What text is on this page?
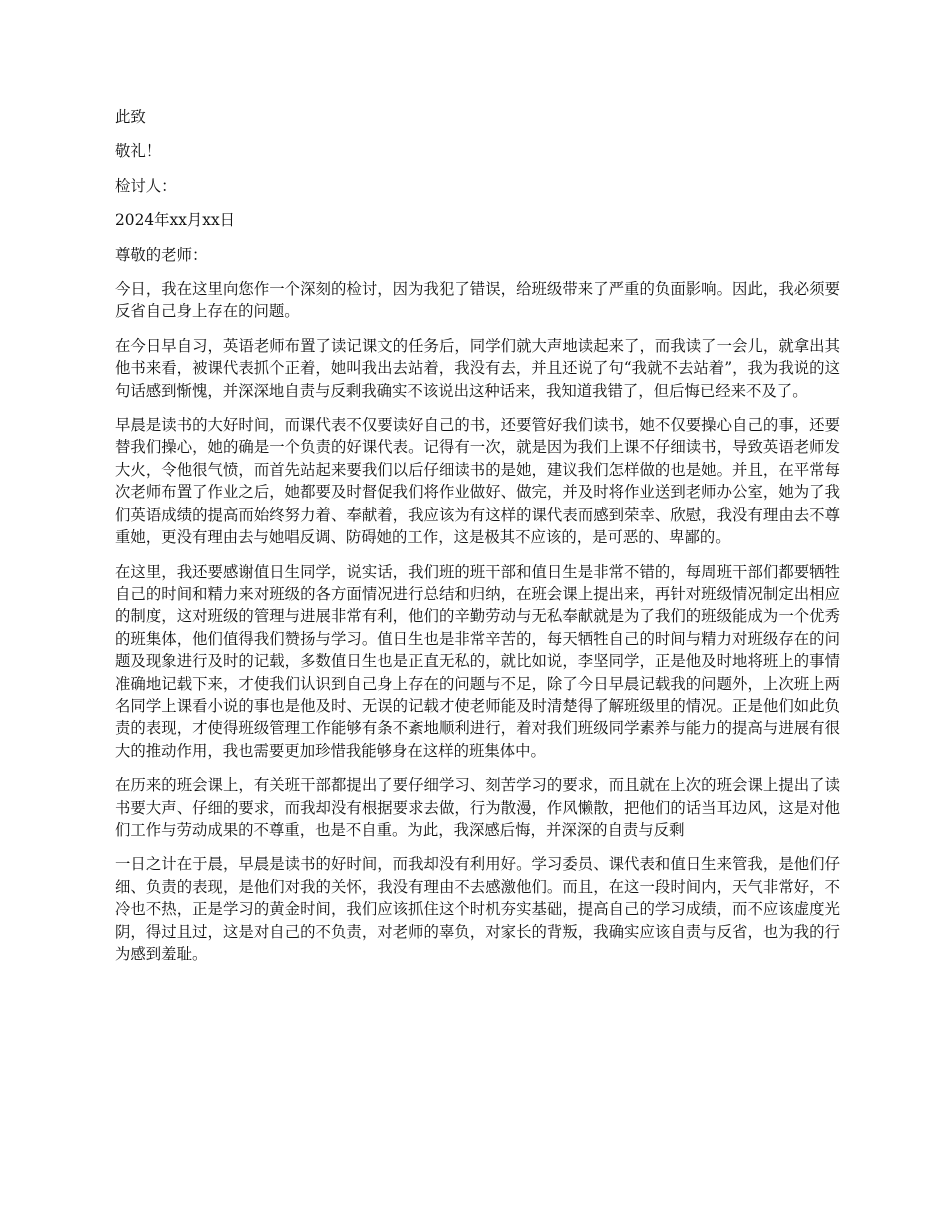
此致

敬礼！

检讨人：

2024年xx月xx日

尊敬的老师：

今日，我在这里向您作一个深刻的检讨，因为我犯了错误，给班级带来了严重的负面影响。因此，我必须要反省自己身上存在的问题。

在今日早自习，英语老师布置了读记课文的任务后，同学们就大声地读起来了，而我读了一会儿，就拿出其他书来看，被课代表抓个正着，她叫我出去站着，我没有去，并且还说了句“我就不去站着”，我为我说的这句话感到惭愧，并深深地自责与反剩我确实不该说出这种话来，我知道我错了，但后悔已经来不及了。

早晨是读书的大好时间，而课代表不仅要读好自己的书，还要管好我们读书，她不仅要操心自己的事，还要替我们操心，她的确是一个负责的好课代表。记得有一次，就是因为我们上课不仔细读书，导致英语老师发大火，令他很气愤，而首先站起来要我们以后仔细读书的是她，建议我们怎样做的也是她。并且，在平常每次老师布置了作业之后，她都要及时督促我们将作业做好、做完，并及时将作业送到老师办公室，她为了我们英语成绩的提高而始终努力着、奉献着，我应该为有这样的课代表而感到荣幸、欣慰，我没有理由去不尊重她，更没有理由去与她唱反调、防碍她的工作，这是极其不应该的，是可恶的、卑鄙的。

在这里，我还要感谢值日生同学，说实话，我们班的班干部和值日生是非常不错的，每周班干部们都要牺牲自己的时间和精力来对班级的各方面情况进行总结和归纳，在班会课上提出来，再针对班级情况制定出相应的制度，这对班级的管理与进展非常有利，他们的辛勤劳动与无私奉献就是为了我们的班级能成为一个优秀的班集体，他们值得我们赞扬与学习。值日生也是非常辛苦的，每天牺牲自己的时间与精力对班级存在的问题及现象进行及时的记载，多数值日生也是正直无私的，就比如说，李坚同学，正是他及时地将班上的事情准确地记载下来，才使我们认识到自己身上存在的问题与不足，除了今日早晨记载我的问题外，上次班上两名同学上课看小说的事也是他及时、无误的记载才使老师能及时清楚得了解班级里的情况。正是他们如此负责的表现，才使得班级管理工作能够有条不紊地顺利进行，着对我们班级同学素养与能力的提高与进展有很大的推动作用，我也需要更加珍惜我能够身在这样的班集体中。

在历来的班会课上，有关班干部都提出了要仔细学习、刻苦学习的要求，而且就在上次的班会课上提出了读书要大声、仔细的要求，而我却没有根据要求去做，行为散漫，作风懒散，把他们的话当耳边风，这是对他们工作与劳动成果的不尊重，也是不自重。为此，我深感后悔，并深深的自责与反剩

一日之计在于晨，早晨是读书的好时间，而我却没有利用好。学习委员、课代表和值日生来管我，是他们仔细、负责的表现，是他们对我的关怀，我没有理由不去感激他们。而且，在这一段时间内，天气非常好，不冷也不热，正是学习的黄金时间，我们应该抓住这个时机夯实基础，提高自己的学习成绩，而不应该虚度光阴，得过且过，这是对自己的不负责，对老师的辜负，对家长的背叛，我确实应该自责与反省，也为我的行为感到羞耻。
